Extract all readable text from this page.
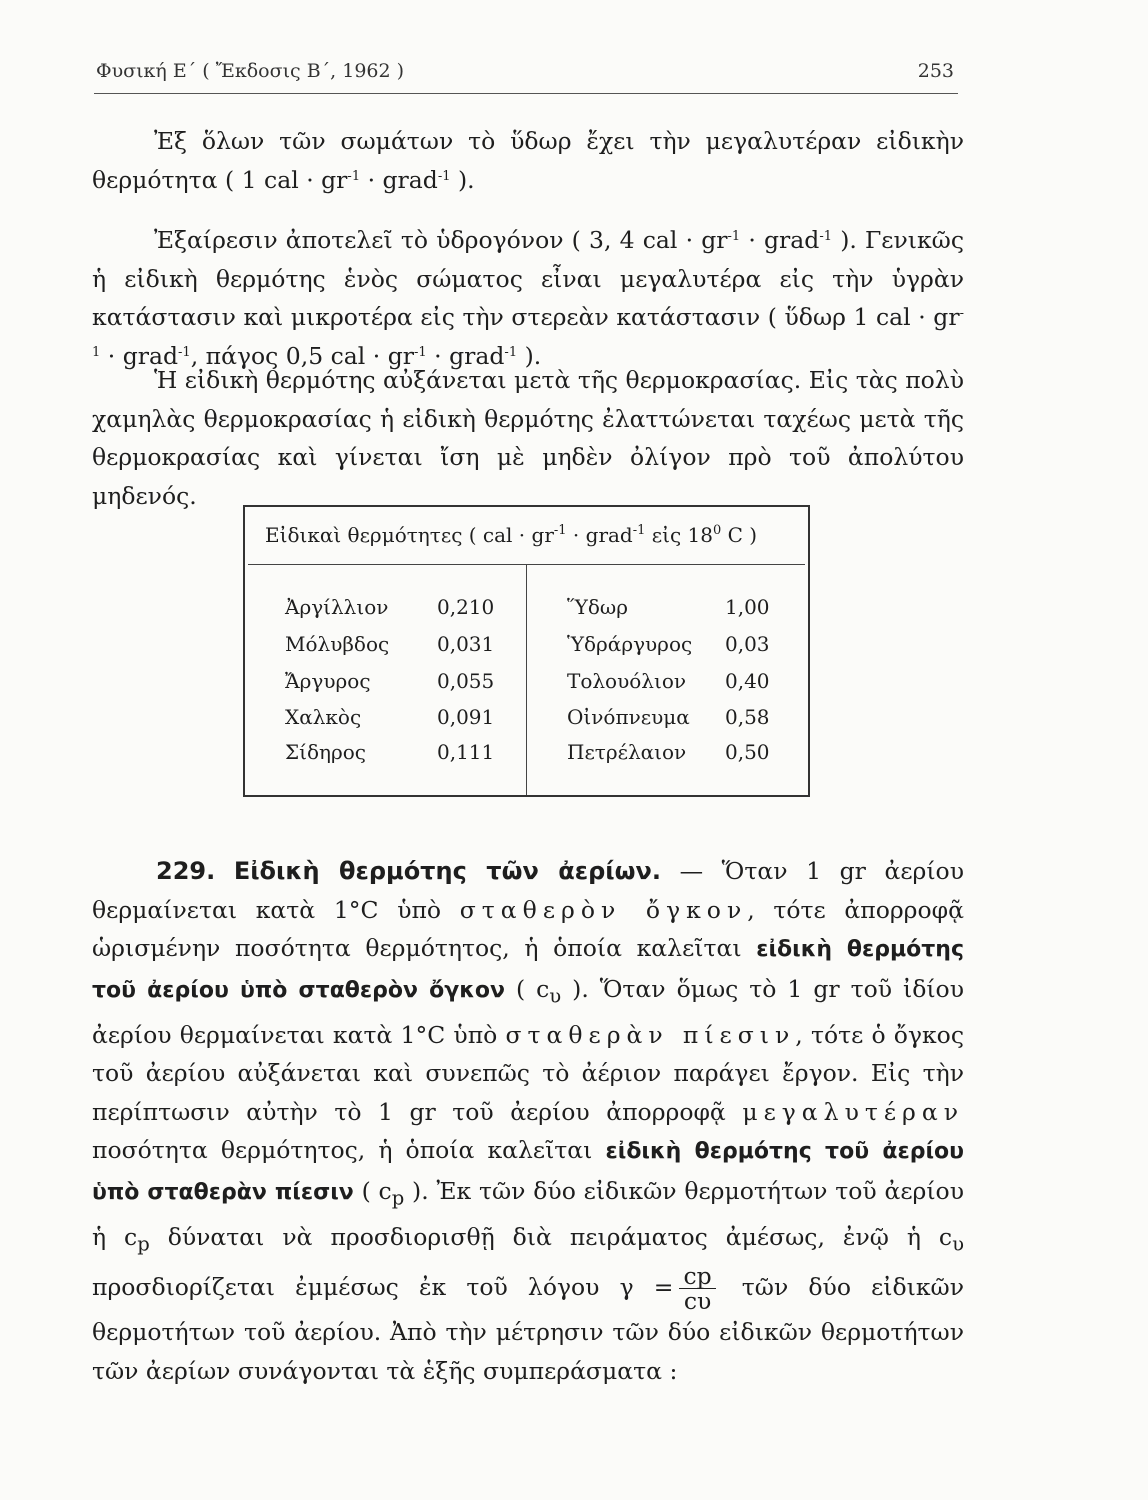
Φυσική Ε΄ ( Ἔκδοσις Β΄, 1962 )	253
Ἐξ ὅλων τῶν σωμάτων τὸ ὕδωρ ἔχει τὴν μεγαλυτέραν εἰδικὴν θερμότητα ( 1 cal · $gr^{-1}$ · grad$^{-1}$ ).
Ἐξαίρεσιν ἀποτελεῖ τὸ ὑδρογόνον ( 3, 4 cal · $gr^{-1}$ · grad$^{-1}$ ). Γενικῶς ἡ εἰδικὴ θερμότης ἑνὸς σώματος εἶναι μεγαλυτέρα εἰς τὴν ὑγρὰν κατάστασιν καὶ μικροτέρα εἰς τὴν στερεὰν κατάστασιν ( ὕδωρ 1 cal · $gr^{-1}$ · grad$^{-1}$, πάγος 0,5 cal · $gr^{-1}$ · grad$^{-1}$ ).
Ἡ εἰδικὴ θερμότης αὐξάνεται μετὰ τῆς θερμοκρασίας. Εἰς τὰς πολὺ χαμηλὰς θερμοκρασίας ἡ εἰδικὴ θερμότης ἐλαττώνεται ταχέως μετὰ τῆς θερμοκρασίας καὶ γίνεται ἴση μὲ μηδὲν ὀλίγον πρὸ τοῦ ἀπολύτου μηδενός.
Εἰδικαὶ θερμότητες ( cal · $gr^{-1}$ · grad$^{-1}$ εἰς $18^0$ C )
Ἀργίλλιον 0,210	Ὕδωρ	1,00
Μόλυβδος 0,031	Ὑδράργυρος 0,03
Ἄργυρος	0,055	Τολουόλιον 0,40
Χαλκὸς	0,091	Οἰνόπνευμα 0,58
Σίδηρος	0,111	Πετρέλαιον 0,50
229. Εἰδικὴ θερμότης τῶν ἀερίων. — Ὅταν 1 gr ἀερίου θερμαίνεται κατὰ 1°C ὑπὸ σταθερὸν ὄγκον, τότε ἀπορροφᾷ ὡρισμένην ποσότητα θερμότητος, ἡ ὁποία καλεῖται εἰδικὴ θερμότης τοῦ ἀερίου ὑπὸ σταθερὸν ὄγκον ( $c_\upsilon$ ). Ὅταν ὅμως τὸ 1 gr τοῦ ἰδίου ἀερίου θερμαίνεται κατὰ 1°C ὑπὸ σταθερὰν πίεσιν, τότε ὁ ὄγκος τοῦ ἀερίου αὐξάνεται καὶ συνεπῶς τὸ ἀέριον παράγει ἔργον. Εἰς τὴν περίπτωσιν αὐτὴν τὸ 1 gr τοῦ ἀερίου ἀπορροφᾷ μεγαλυτέραν ποσότητα θερμότητος, ἡ ὁποία καλεῖται εἰδικὴ θερμότης τοῦ ἀερίου ὑπὸ σταθερὰν πίεσιν ( $c_p$ ). Ἐκ τῶν δύο εἰδικῶν θερμοτήτων τοῦ ἀερίου ἡ $c_p$ δύναται νὰ προσδιορισθῇ διὰ πειράματος ἀμέσως, ἐνῷ ἡ $c_\upsilon$ προσδιορίζεται ἐμμέσως ἐκ τοῦ λόγου $\gamma = \frac{cp}{c\upsilon}$ τῶν δύο εἰδικῶν θερμοτήτων τοῦ ἀερίου. Ἀπὸ τὴν μέτρησιν τῶν δύο εἰδικῶν θερμοτήτων τῶν ἀερίων συνάγονται τὰ ἑξῆς συμπεράσματα :
